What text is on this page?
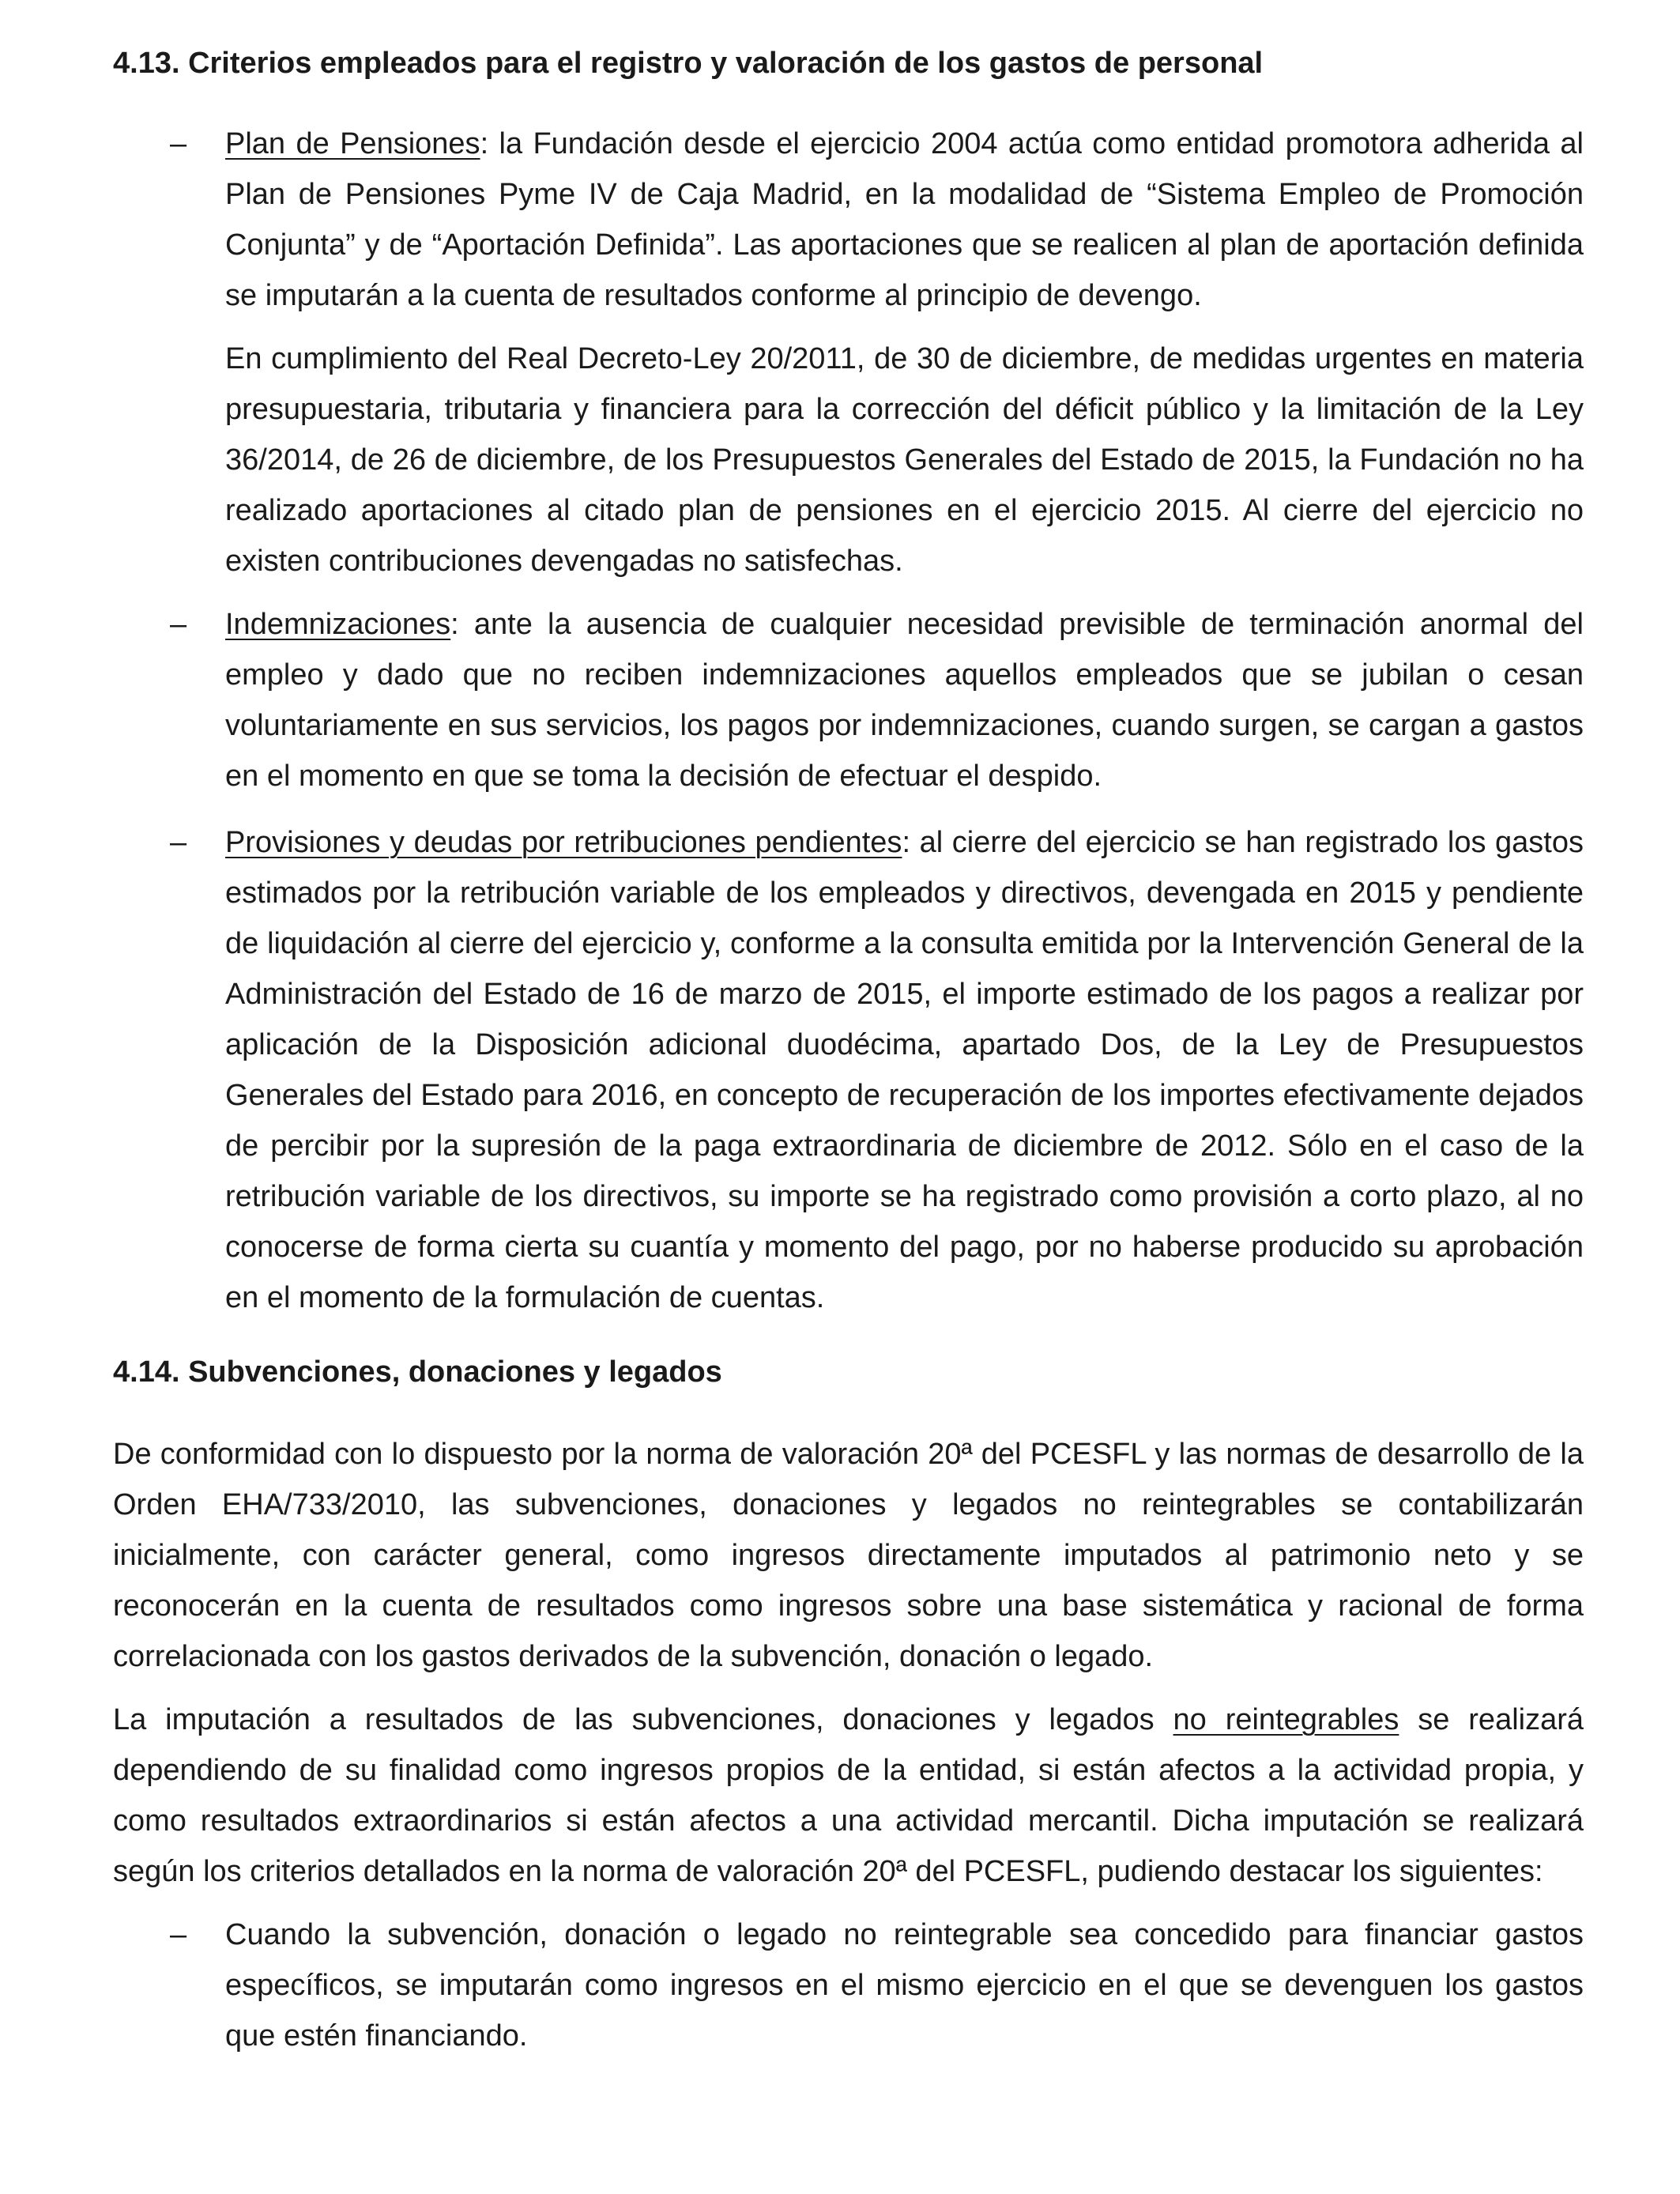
4.13. Criterios empleados para el registro y valoración de los gastos de personal
– Plan de Pensiones: la Fundación desde el ejercicio 2004 actúa como entidad promotora adherida al Plan de Pensiones Pyme IV de Caja Madrid, en la modalidad de “Sistema Empleo de Promoción Conjunta” y de “Aportación Definida”. Las aportaciones que se realicen al plan de aportación definida se imputarán a la cuenta de resultados conforme al principio de devengo.

En cumplimiento del Real Decreto-Ley 20/2011, de 30 de diciembre, de medidas urgentes en materia presupuestaria, tributaria y financiera para la corrección del déficit público y la limitación de la Ley 36/2014, de 26 de diciembre, de los Presupuestos Generales del Estado de 2015, la Fundación no ha realizado aportaciones al citado plan de pensiones en el ejercicio 2015. Al cierre del ejercicio no existen contribuciones devengadas no satisfechas.

– Indemnizaciones: ante la ausencia de cualquier necesidad previsible de terminación anormal del empleo y dado que no reciben indemnizaciones aquellos empleados que se jubilan o cesan voluntariamente en sus servicios, los pagos por indemnizaciones, cuando surgen, se cargan a gastos en el momento en que se toma la decisión de efectuar el despido.

– Provisiones y deudas por retribuciones pendientes: al cierre del ejercicio se han registrado los gastos estimados por la retribución variable de los empleados y directivos, devengada en 2015 y pendiente de liquidación al cierre del ejercicio y, conforme a la consulta emitida por la Intervención General de la Administración del Estado de 16 de marzo de 2015, el importe estimado de los pagos a realizar por aplicación de la Disposición adicional duodécima, apartado Dos, de la Ley de Presupuestos Generales del Estado para 2016, en concepto de recuperación de los importes efectivamente dejados de percibir por la supresión de la paga extraordinaria de diciembre de 2012. Sólo en el caso de la retribución variable de los directivos, su importe se ha registrado como provisión a corto plazo, al no conocerse de forma cierta su cuantía y momento del pago, por no haberse producido su aprobación en el momento de la formulación de cuentas.

4.14. Subvenciones, donaciones y legados

De conformidad con lo dispuesto por la norma de valoración 20ª del PCESFL y las normas de desarrollo de la Orden EHA/733/2010, las subvenciones, donaciones y legados no reintegrables se contabilizarán inicialmente, con carácter general, como ingresos directamente imputados al patrimonio neto y se reconocerán en la cuenta de resultados como ingresos sobre una base sistemática y racional de forma correlacionada con los gastos derivados de la subvención, donación o legado.

La imputación a resultados de las subvenciones, donaciones y legados no reintegrables se realizará dependiendo de su finalidad como ingresos propios de la entidad, si están afectos a la actividad propia, y como resultados extraordinarios si están afectos a una actividad mercantil. Dicha imputación se realizará según los criterios detallados en la norma de valoración 20ª del PCESFL, pudiendo destacar los siguientes:

– Cuando la subvención, donación o legado no reintegrable sea concedido para financiar gastos específicos, se imputarán como ingresos en el mismo ejercicio en el que se devenguen los gastos que estén financiando.
